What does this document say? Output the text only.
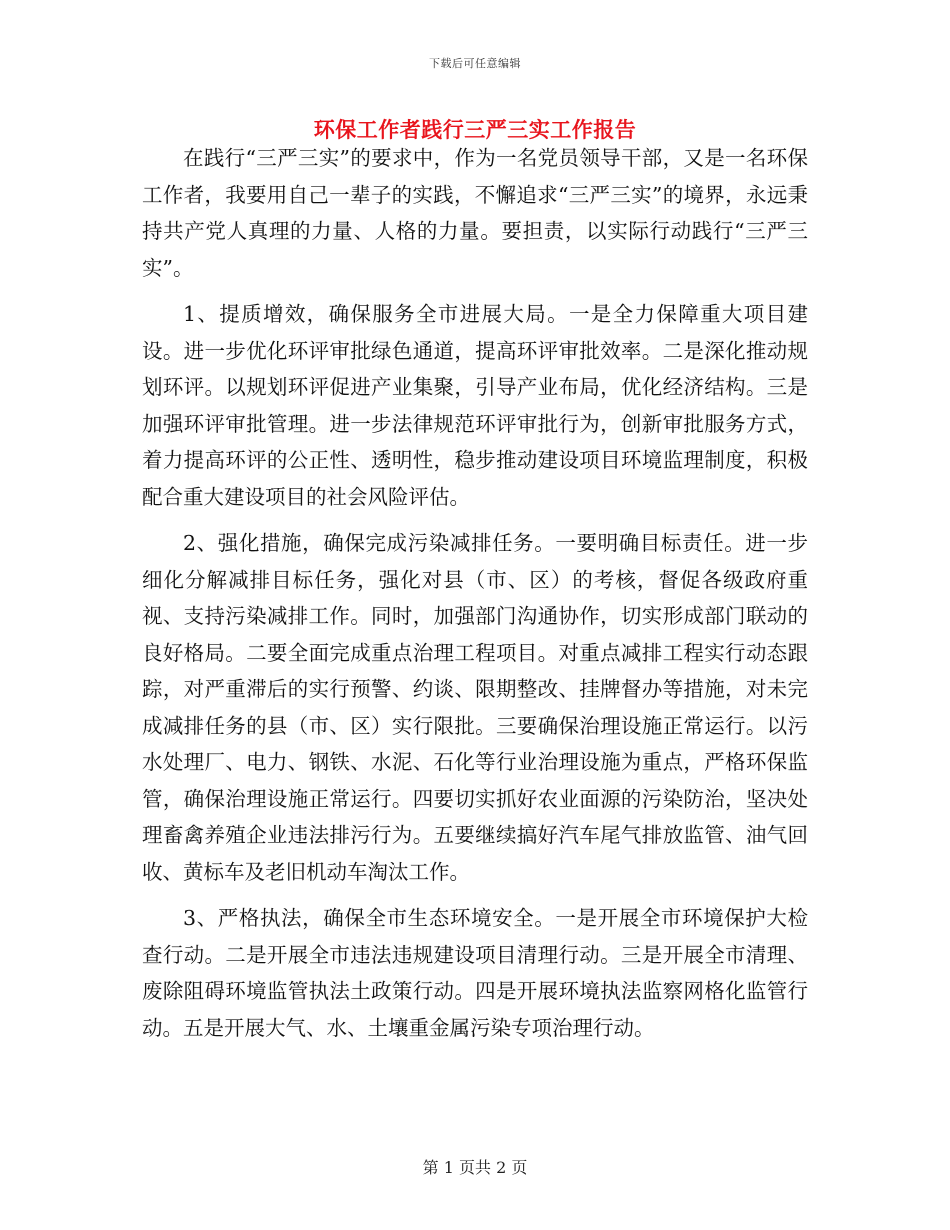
下载后可任意编辑
环保工作者践行三严三实工作报告

在践行“三严三实”的要求中，作为一名党员领导干部，又是一名环保工作者，我要用自己一辈子的实践，不懈追求“三严三实”的境界，永远秉持共产党人真理的力量、人格的力量。要担责，以实际行动践行“三严三实”。

1、提质增效，确保服务全市进展大局。一是全力保障重大项目建设。进一步优化环评审批绿色通道，提高环评审批效率。二是深化推动规划环评。以规划环评促进产业集聚，引导产业布局，优化经济结构。三是加强环评审批管理。进一步法律规范环评审批行为，创新审批服务方式，着力提高环评的公正性、透明性，稳步推动建设项目环境监理制度，积极配合重大建设项目的社会风险评估。

2、强化措施，确保完成污染减排任务。一要明确目标责任。进一步细化分解减排目标任务，强化对县（市、区）的考核，督促各级政府重视、支持污染减排工作。同时，加强部门沟通协作，切实形成部门联动的良好格局。二要全面完成重点治理工程项目。对重点减排工程实行动态跟踪，对严重滞后的实行预警、约谈、限期整改、挂牌督办等措施，对未完成减排任务的县（市、区）实行限批。三要确保治理设施正常运行。以污水处理厂、电力、钢铁、水泥、石化等行业治理设施为重点，严格环保监管，确保治理设施正常运行。四要切实抓好农业面源的污染防治，坚决处理畜禽养殖企业违法排污行为。五要继续搞好汽车尾气排放监管、油气回收、黄标车及老旧机动车淘汰工作。

3、严格执法，确保全市生态环境安全。一是开展全市环境保护大检查行动。二是开展全市违法违规建设项目清理行动。三是开展全市清理、废除阻碍环境监管执法土政策行动。四是开展环境执法监察网格化监管行动。五是开展大气、水、土壤重金属污染专项治理行动。

第 1 页共 2 页
